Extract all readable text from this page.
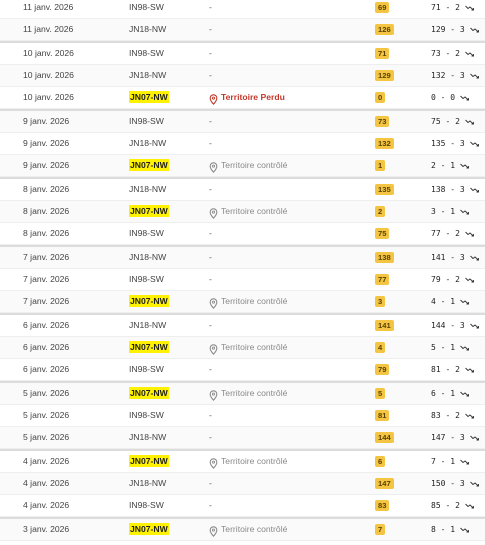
11 janv. 2026	IN98-SW	-	69	71 - 2
11 janv. 2026	JN18-NW	-	126	129 - 3
10 janv. 2026	IN98-SW	-	71	73 - 2
10 janv. 2026	JN18-NW	-	129	132 - 3
10 janv. 2026	JN07-NW	Territoire Perdu	0	0 - 0
9 janv. 2026	IN98-SW	-	73	75 - 2
9 janv. 2026	JN18-NW	-	132	135 - 3
9 janv. 2026	JN07-NW	Territoire contrôlé	1	2 - 1
8 janv. 2026	JN18-NW	-	135	138 - 3
8 janv. 2026	JN07-NW	Territoire contrôlé	2	3 - 1
8 janv. 2026	IN98-SW	-	75	77 - 2
7 janv. 2026	JN18-NW	-	138	141 - 3
7 janv. 2026	IN98-SW	-	77	79 - 2
7 janv. 2026	JN07-NW	Territoire contrôlé	3	4 - 1
6 janv. 2026	JN18-NW	-	141	144 - 3
6 janv. 2026	JN07-NW	Territoire contrôlé	4	5 - 1
6 janv. 2026	IN98-SW	-	79	81 - 2
5 janv. 2026	JN07-NW	Territoire contrôlé	5	6 - 1
5 janv. 2026	IN98-SW	-	81	83 - 2
5 janv. 2026	JN18-NW	-	144	147 - 3
4 janv. 2026	JN07-NW	Territoire contrôlé	6	7 - 1
4 janv. 2026	JN18-NW	-	147	150 - 3
4 janv. 2026	IN98-SW	-	83	85 - 2
3 janv. 2026	JN07-NW	Territoire contrôlé	7	8 - 1
